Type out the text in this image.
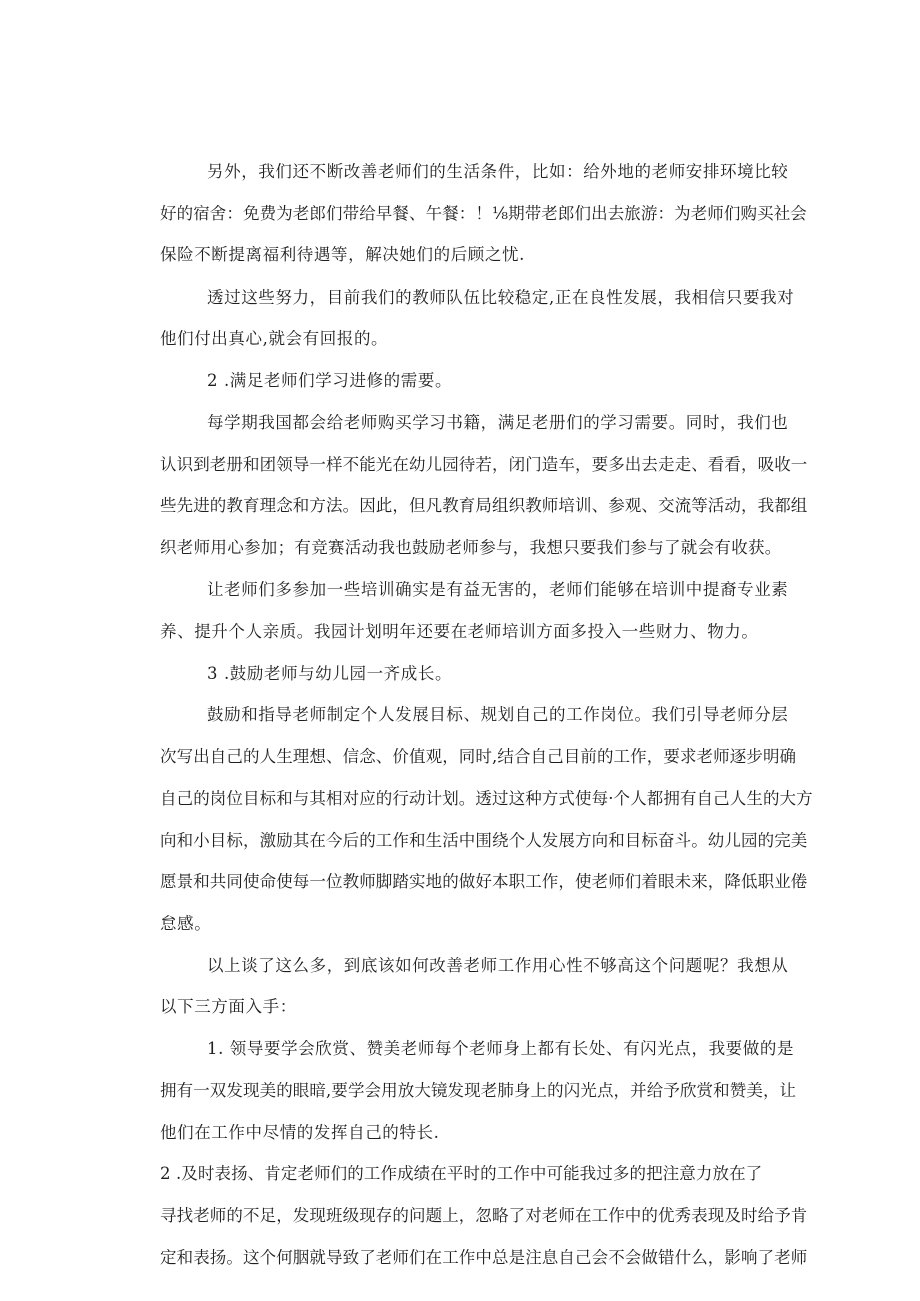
另外，我们还不断改善老师们的生活条件，比如：给外地的老师安排环境比较

好的宿舍：免费为老郎们带给早餐、午餐：！⅛期带老郎们出去旅游：为老师们购买社会

保险不断提离福利待遇等，解决她们的后顾之忧.

透过这些努力，目前我们的教师队伍比较稳定,正在良性发展，我相信只要我对

他们付出真心,就会有回报的。

2 .满足老师们学习进修的需要。

每学期我国都会给老师购买学习书籍，满足老册们的学习需要。同时，我们也

认识到老册和团领导一样不能光在幼儿园待若，闭门造车，要多出去走走、看看，吸收一

些先进的教育理念和方法。因此，但凡教育局组织教师培训、参观、交流等活动，我都组

织老师用心参加；有竞赛活动我也鼓励老师参与，我想只要我们参与了就会有收获。

让老师们多参加一些培训确实是有益无害的，老师们能够在培训中提裔专业素

养、提升个人亲质。我园计划明年还要在老师培训方面多投入一些财力、物力。

3 .鼓励老师与幼儿园一齐成长。

鼓励和指导老师制定个人发展目标、规划自己的工作岗位。我们引导老师分层

次写出自己的人生理想、信念、价值观，同时,结合自己目前的工作，要求老师逐步明确

自己的岗位目标和与其相对应的行动计划。透过这种方式使每·个人都拥有自己人生的大方

向和小目标，激励其在今后的工作和生活中围绕个人发展方向和目标奋斗。幼儿园的完美

愿景和共同使命使每一位教师脚踏实地的做好本职工作，使老师们着眼未来，降低职业倦

怠感。

以上谈了这么多，到底该如何改善老师工作用心性不够高这个问题呢？我想从

以下三方面入手：

1. 领导要学会欣赏、赞美老师每个老师身上都有长处、有闪光点，我要做的是

拥有一双发现美的眼暗,要学会用放大镜发现老肺身上的闪光点，并给予欣赏和赞美，让

他们在工作中尽情的发挥自己的特长.

2 .及时表扬、肯定老师们的工作成绩在平时的工作中可能我过多的把注意力放在了

寻找老师的不足，发现班级现存的问题上，忽略了对老师在工作中的优秀表现及时给予肯

定和表扬。这个何胭就导致了老师们在工作中总是注息自己会不会做错什么，影响了老师
